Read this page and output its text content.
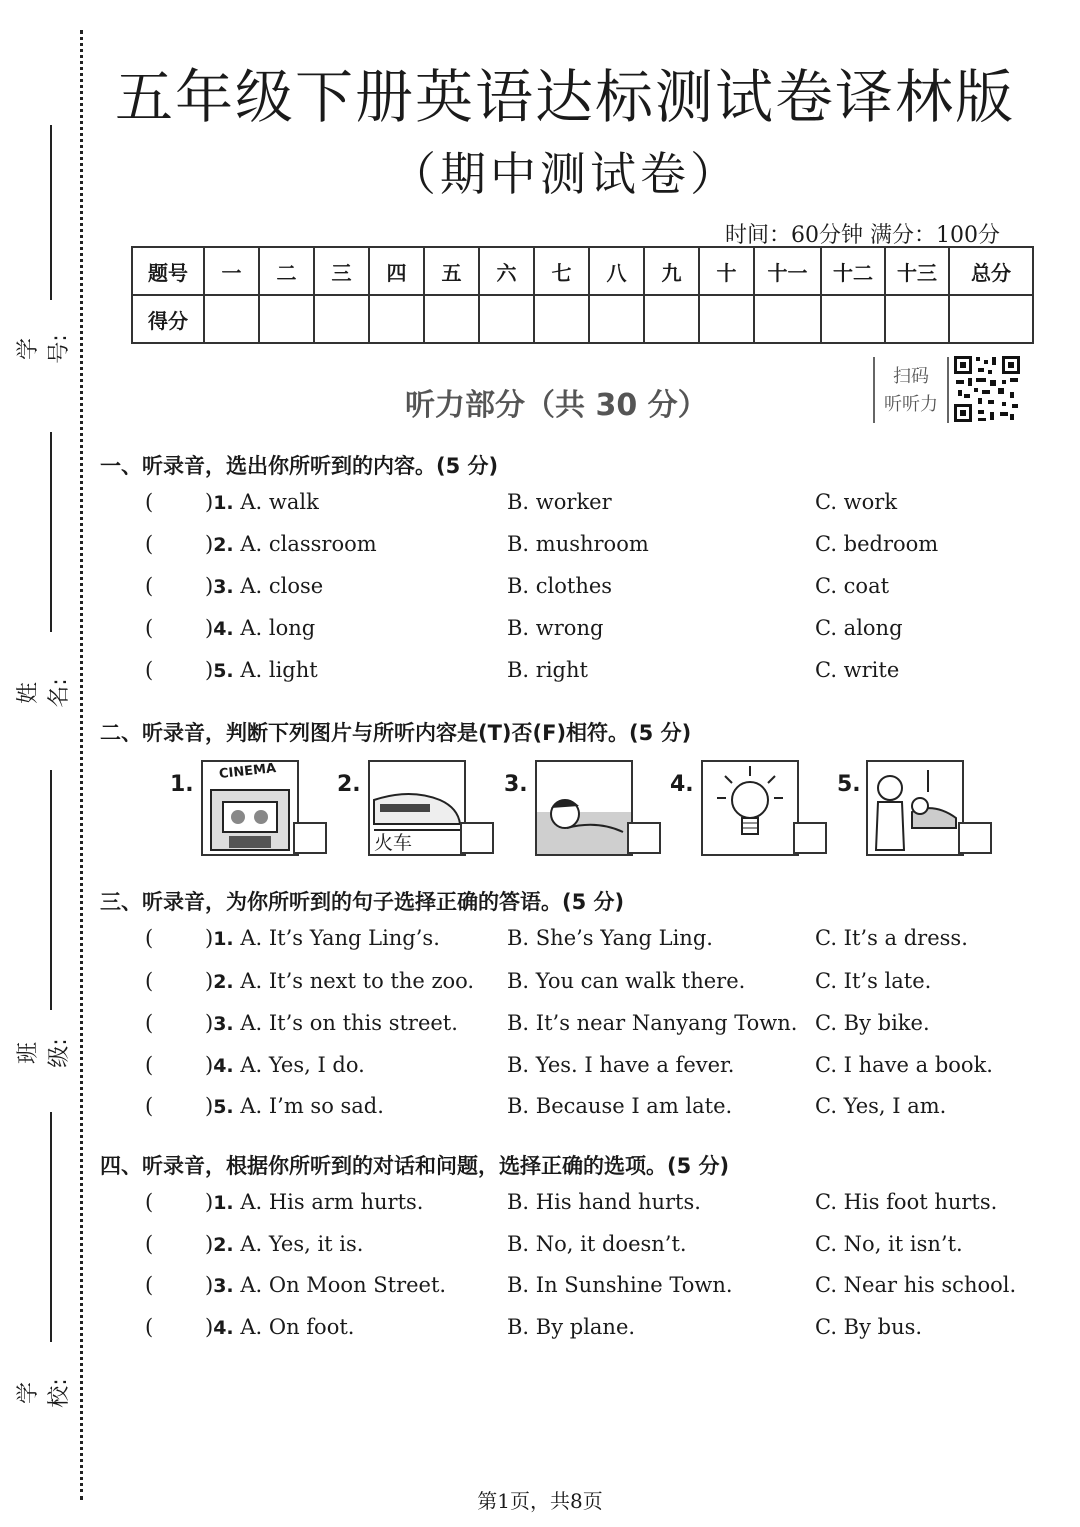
学号:
姓名:
班级:
学校:
五年级下册英语达标测试卷译林版
（期中测试卷）
时间：60分钟 满分：100分
题号	一	二	三	四	五	六	七	八	九	十	十一	十二	十三	总分
得分														
听力部分（共 30 分）
扫码
听听力
一、听录音，选出你所听到的内容。(5 分)
( )1. A. walk	B. worker	C. work
( )2. A. classroom	B. mushroom	C. bedroom
( )3. A. close	B. clothes	C. coat
( )4. A. long	B. wrong	C. along
( )5. A. light	B. right	C. write
二、听录音，判断下列图片与所听内容是(T)否(F)相符。(5 分)
1.
CINEMA
2.
火车
3.	4.	5.
三、听录音，为你所听到的句子选择正确的答语。(5 分)
( )1. A. It’s Yang Ling’s.	B. She’s Yang Ling.	C. It’s a dress.
( )2. A. It’s next to the zoo. B. You can walk there.	C. It’s late.
( )3. A. It’s on this street. B. It’s near Nanyang Town. C. By bike.
( )4. A. Yes, I do.	B. Yes. I have a fever.	C. I have a book.
( )5. A. I’m so sad.	B. Because I am late.	C. Yes, I am.
四、听录音，根据你所听到的对话和问题，选择正确的选项。(5 分)
( )1. A. His arm hurts.	B. His hand hurts.	C. His foot hurts.
( )2. A. Yes, it is.	B. No, it doesn’t.	C. No, it isn’t.
( )3. A. On Moon Street.	B. In Sunshine Town.	C. Near his school.
( )4. A. On foot.	B. By plane.	C. By bus.
第1页，共8页
